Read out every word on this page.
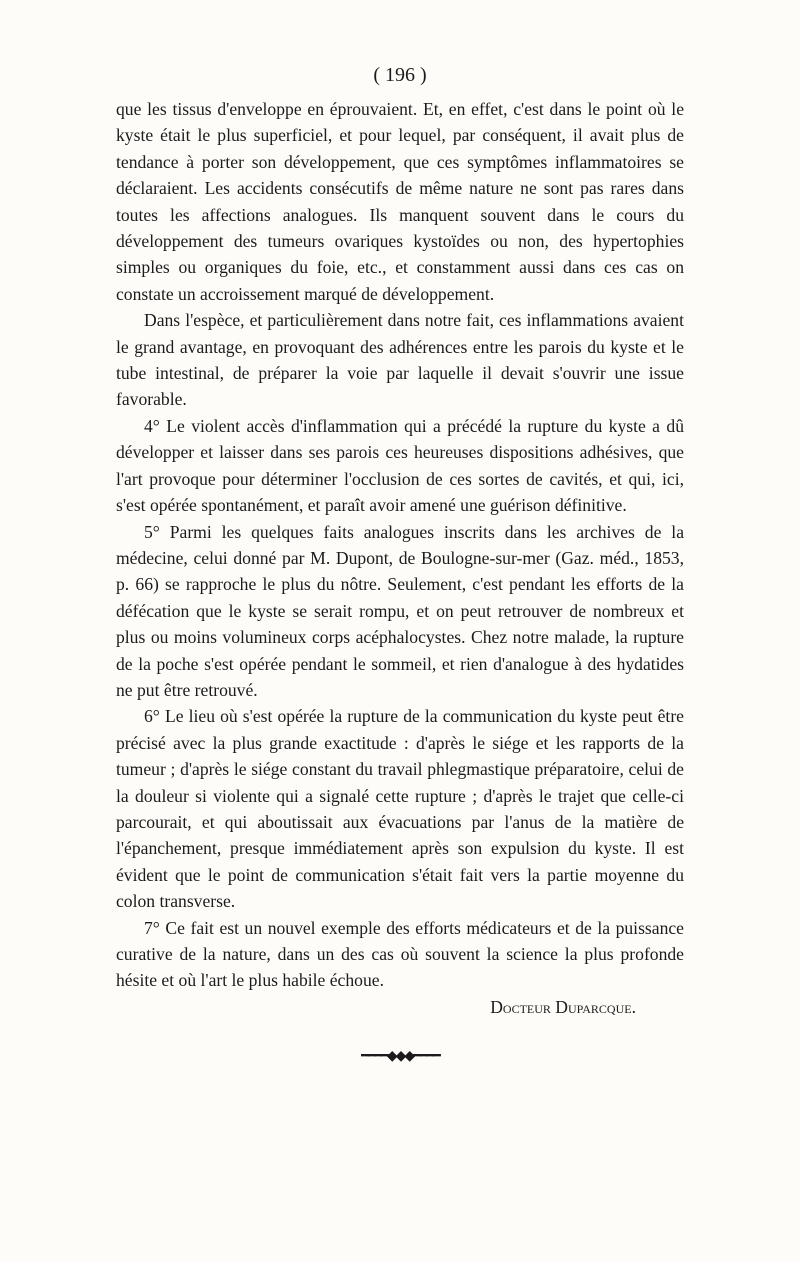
( 196 )

que les tissus d'enveloppe en éprouvaient. Et, en effet, c'est dans le point où le kyste était le plus superficiel, et pour lequel, par conséquent, il avait plus de tendance à porter son développement, que ces symptômes inflammatoires se déclaraient. Les accidents consécutifs de même nature ne sont pas rares dans toutes les affections analogues. Ils manquent souvent dans le cours du développement des tumeurs ovariques kystoïdes ou non, des hypertophies simples ou organiques du foie, etc., et constamment aussi dans ces cas on constate un accroissement marqué de développement.

Dans l'espèce, et particulièrement dans notre fait, ces inflammations avaient le grand avantage, en provoquant des adhérences entre les parois du kyste et le tube intestinal, de préparer la voie par laquelle il devait s'ouvrir une issue favorable.

4° Le violent accès d'inflammation qui a précédé la rupture du kyste a dû développer et laisser dans ses parois ces heureuses dispositions adhésives, que l'art provoque pour déterminer l'occlusion de ces sortes de cavités, et qui, ici, s'est opérée spontanément, et paraît avoir amené une guérison définitive.

5° Parmi les quelques faits analogues inscrits dans les archives de la médecine, celui donné par M. Dupont, de Boulogne-sur-mer (Gaz. méd., 1853, p. 66) se rapproche le plus du nôtre. Seulement, c'est pendant les efforts de la défécation que le kyste se serait rompu, et on peut retrouver de nombreux et plus ou moins volumineux corps acéphalocystes. Chez notre malade, la rupture de la poche s'est opérée pendant le sommeil, et rien d'analogue à des hydatides ne put être retrouvé.

6° Le lieu où s'est opérée la rupture de la communication du kyste peut être précisé avec la plus grande exactitude : d'après le siége et les rapports de la tumeur ; d'après le siége constant du travail phlegmastique préparatoire, celui de la douleur si violente qui a signalé cette rupture ; d'après le trajet que celle-ci parcourait, et qui aboutissait aux évacuations par l'anus de la matière de l'épanchement, presque immédiatement après son expulsion du kyste. Il est évident que le point de communication s'était fait vers la partie moyenne du colon transverse.

7° Ce fait est un nouvel exemple des efforts médicateurs et de la puissance curative de la nature, dans un des cas où souvent la science la plus profonde hésite et où l'art le plus habile échoue.

Docteur Duparcque.
━━━━◆◆◆━━━━
